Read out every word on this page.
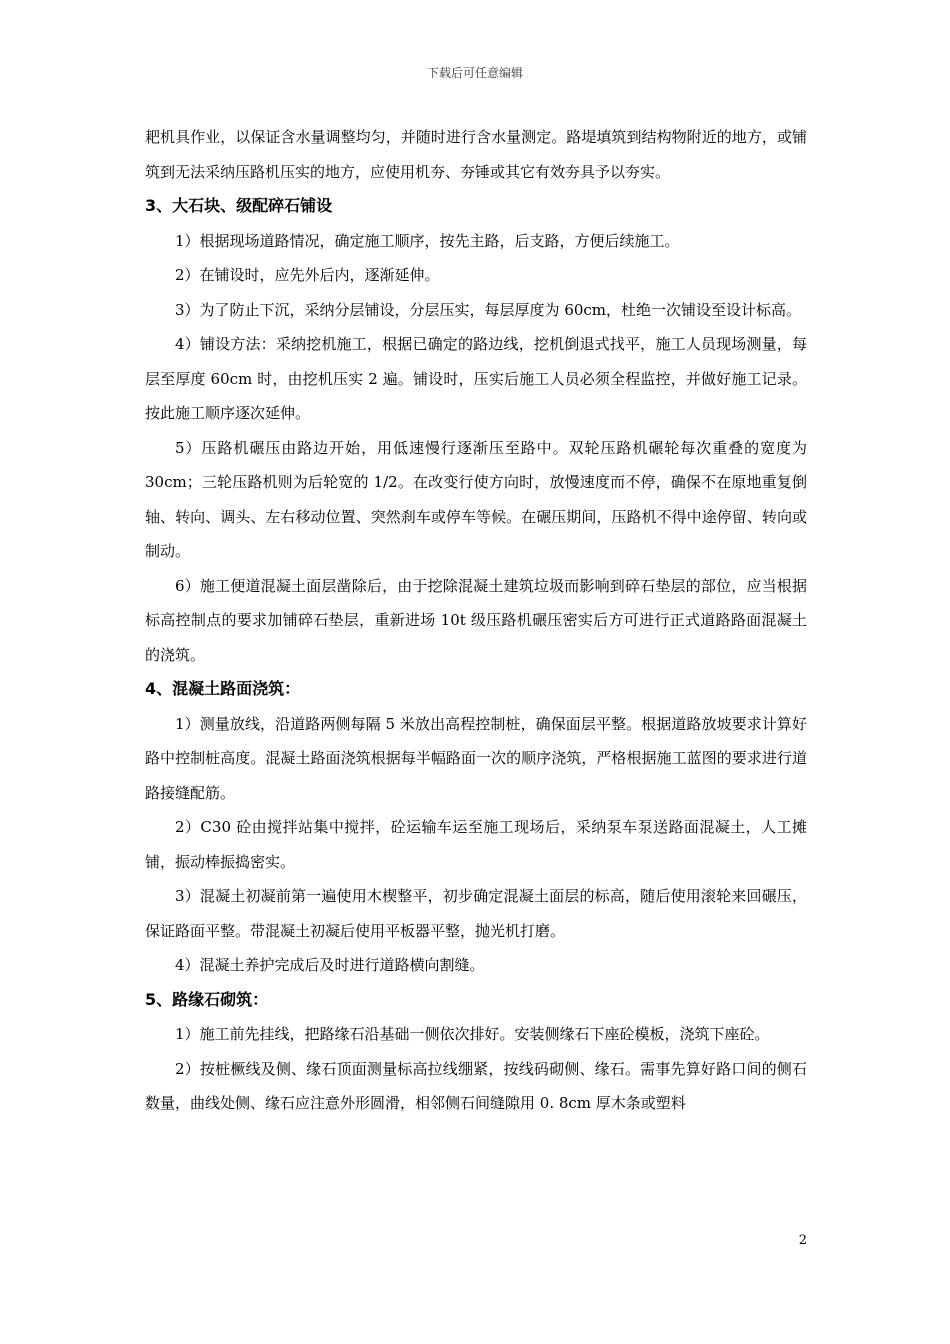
下载后可任意编辑

耙机具作业，以保证含水量调整均匀，并随时进行含水量测定。路堤填筑到结构物附近的地方，或铺筑到无法采纳压路机压实的地方，应使用机夯、夯锤或其它有效夯具予以夯实。

3、大石块、级配碎石铺设

1）根据现场道路情况，确定施工顺序，按先主路，后支路，方便后续施工。

2）在铺设时，应先外后内，逐渐延伸。

3）为了防止下沉，采纳分层铺设，分层压实，每层厚度为 60cm，杜绝一次铺设至设计标高。

4）铺设方法：采纳挖机施工，根据已确定的路边线，挖机倒退式找平，施工人员现场测量，每层至厚度 60cm 时，由挖机压实 2 遍。铺设时，压实后施工人员必须全程监控，并做好施工记录。按此施工顺序逐次延伸。

5）压路机碾压由路边开始，用低速慢行逐渐压至路中。双轮压路机碾轮每次重叠的宽度为 30cm；三轮压路机则为后轮宽的 1/2。在改变行使方向时，放慢速度而不停，确保不在原地重复倒轴、转向、调头、左右移动位置、突然刹车或停车等候。在碾压期间，压路机不得中途停留、转向或制动。

6）施工便道混凝土面层凿除后，由于挖除混凝土建筑垃圾而影响到碎石垫层的部位，应当根据标高控制点的要求加铺碎石垫层，重新进场 10t 级压路机碾压密实后方可进行正式道路路面混凝土的浇筑。

4、混凝土路面浇筑：

1）测量放线，沿道路两侧每隔 5 米放出高程控制桩，确保面层平整。根据道路放坡要求计算好路中控制桩高度。混凝土路面浇筑根据每半幅路面一次的顺序浇筑，严格根据施工蓝图的要求进行道路接缝配筋。

2）C30 砼由搅拌站集中搅拌，砼运输车运至施工现场后，采纳泵车泵送路面混凝土，人工摊铺，振动棒振捣密实。

3）混凝土初凝前第一遍使用木楔整平，初步确定混凝土面层的标高，随后使用滚轮来回碾压，保证路面平整。带混凝土初凝后使用平板器平整，抛光机打磨。

4）混凝土养护完成后及时进行道路横向割缝。

5、路缘石砌筑：

1）施工前先挂线，把路缘石沿基础一侧依次排好。安装侧缘石下座砼模板，浇筑下座砼。

2）按桩橛线及侧、缘石顶面测量标高拉线绷紧，按线码砌侧、缘石。需事先算好路口间的侧石数量，曲线处侧、缘石应注意外形圆滑，相邻侧石间缝隙用 0. 8cm 厚木条或塑料

2
